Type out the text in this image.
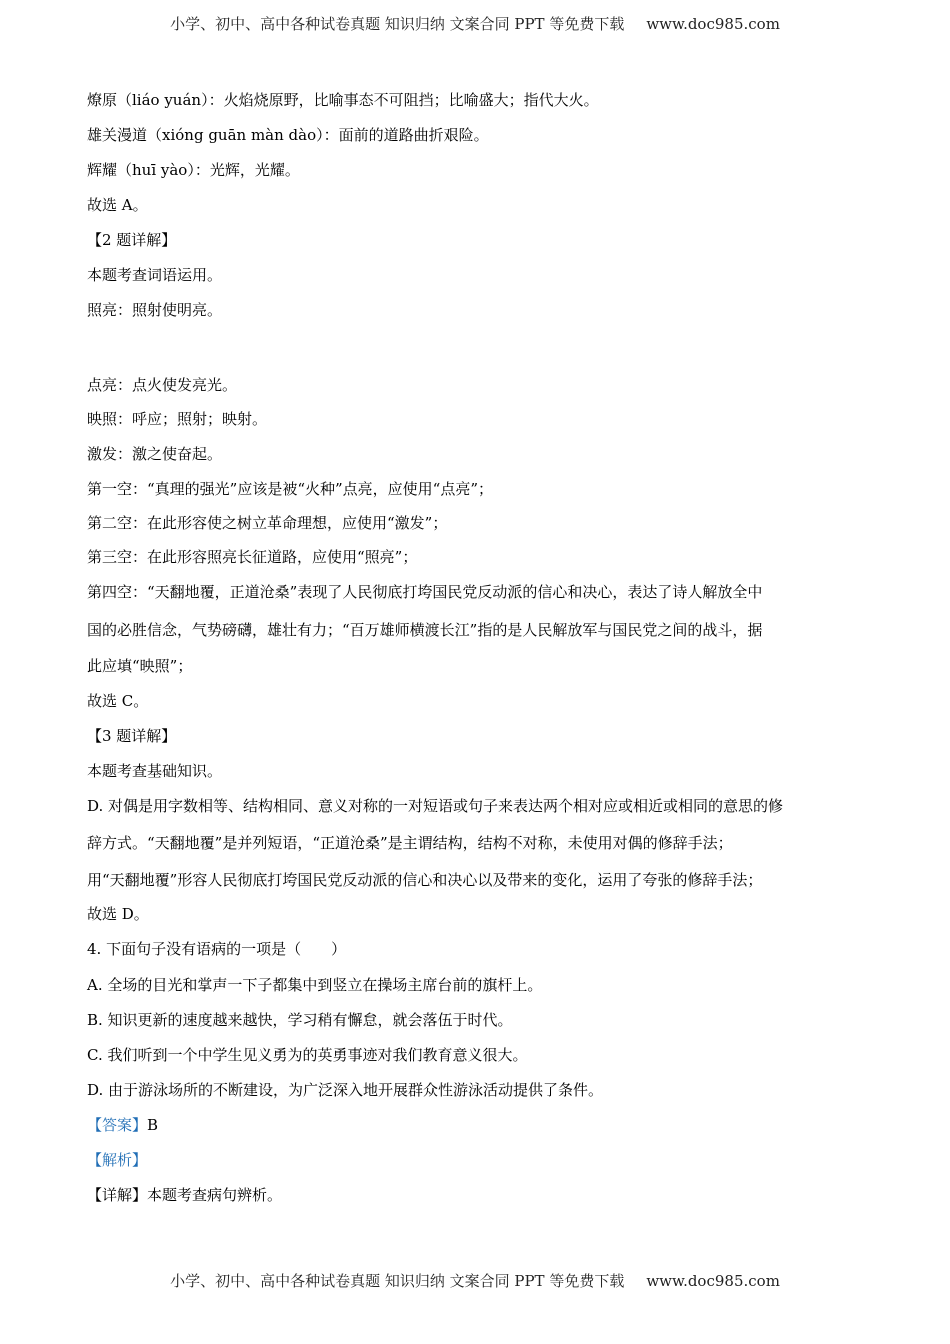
小学、初中、高中各种试卷真题 知识归纳 文案合同 PPT 等免费下载 www.doc985.com
燎原（liáo yuán）：火焰烧原野，比喻事态不可阻挡；比喻盛大；指代大火。
雄关漫道（xióng guān màn dào）：面前的道路曲折艰险。
辉耀（huī yào）：光辉，光耀。
故选 A。
【2 题详解】
本题考查词语运用。
照亮：照射使明亮。
点亮：点火使发亮光。
映照：呼应；照射；映射。
激发：激之使奋起。
第一空：“真理的强光”应该是被“火种”点亮，应使用“点亮”；
第二空：在此形容使之树立革命理想，应使用“激发”；
第三空：在此形容照亮长征道路，应使用“照亮”；
第四空：“天翻地覆，正道沧桑”表现了人民彻底打垮国民党反动派的信心和决心，表达了诗人解放全中
国的必胜信念，气势磅礴，雄壮有力；“百万雄师横渡长江”指的是人民解放军与国民党之间的战斗，据
此应填“映照”；
故选 C。
【3 题详解】
本题考查基础知识。
D. 对偶是用字数相等、结构相同、意义对称的一对短语或句子来表达两个相对应或相近或相同的意思的修
辞方式。“天翻地覆”是并列短语，“正道沧桑”是主谓结构，结构不对称，未使用对偶的修辞手法；
用“天翻地覆”形容人民彻底打垮国民党反动派的信心和决心以及带来的变化，运用了夸张的修辞手法；
故选 D。
4. 下面句子没有语病的一项是（　　）
A. 全场的目光和掌声一下子都集中到竖立在操场主席台前的旗杆上。
B. 知识更新的速度越来越快，学习稍有懈怠，就会落伍于时代。
C. 我们听到一个中学生见义勇为的英勇事迹对我们教育意义很大。
D. 由于游泳场所的不断建设，为广泛深入地开展群众性游泳活动提供了条件。
【答案】B
【解析】
【详解】本题考查病句辨析。
小学、初中、高中各种试卷真题 知识归纳 文案合同 PPT 等免费下载 www.doc985.com
